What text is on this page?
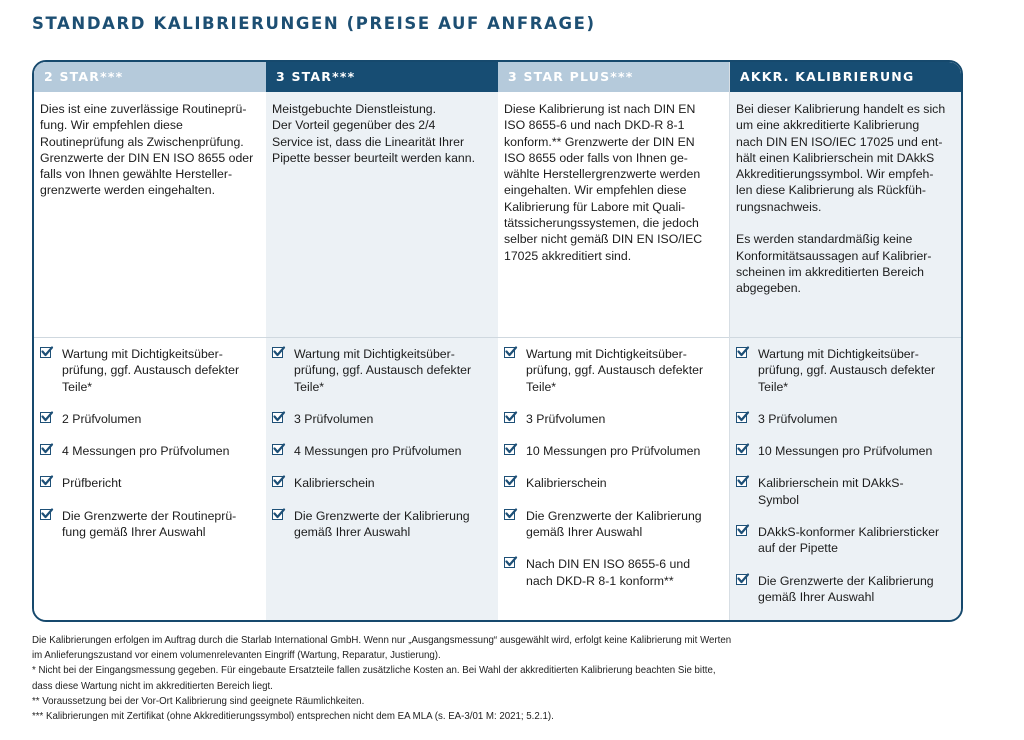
STANDARD KALIBRIERUNGEN (PREISE AUF ANFRAGE)
2 STAR***
Dies ist eine zuverlässige Routineprü-
fung. Wir empfehlen diese
Routineprüfung als Zwischenprüfung.
Grenzwerte der DIN EN ISO 8655 oder
falls von Ihnen gewählte Hersteller-
grenzwerte werden eingehalten.
Wartung mit Dichtigkeitsüber-
prüfung, ggf. Austausch defekter
Teile*
2 Prüfvolumen
4 Messungen pro Prüfvolumen
Prüfbericht
Die Grenzwerte der Routineprü-
fung gemäß Ihrer Auswahl
3 STAR***
Meistgebuchte Dienstleistung.
Der Vorteil gegenüber des 2/4
Service ist, dass die Linearität Ihrer
Pipette besser beurteilt werden kann.
Wartung mit Dichtigkeitsüber-
prüfung, ggf. Austausch defekter
Teile*
3 Prüfvolumen
4 Messungen pro Prüfvolumen
Kalibrierschein
Die Grenzwerte der Kalibrierung
gemäß Ihrer Auswahl
3 STAR PLUS***
Diese Kalibrierung ist nach DIN EN
ISO 8655-6 und nach DKD-R 8-1
konform.** Grenzwerte der DIN EN
ISO 8655 oder falls von Ihnen ge-
wählte Herstellergrenzwerte werden
eingehalten. Wir empfehlen diese
Kalibrierung für Labore mit Quali-
tätssicherungssystemen, die jedoch
selber nicht gemäß DIN EN ISO/IEC
17025 akkreditiert sind.
Wartung mit Dichtigkeitsüber-
prüfung, ggf. Austausch defekter
Teile*
3 Prüfvolumen
10 Messungen pro Prüfvolumen
Kalibrierschein
Die Grenzwerte der Kalibrierung
gemäß Ihrer Auswahl
Nach DIN EN ISO 8655-6 und
nach DKD-R 8-1 konform**
AKKR. KALIBRIERUNG
Bei dieser Kalibrierung handelt es sich
um eine akkreditierte Kalibrierung
nach DIN EN ISO/IEC 17025 und ent-
hält einen Kalibrierschein mit DAkkS
Akkreditierungssymbol. Wir empfeh-
len diese Kalibrierung als Rückfüh-
rungsnachweis.

Es werden standardmäßig keine
Konformitätsaussagen auf Kalibrier-
scheinen im akkreditierten Bereich
abgegeben.
Wartung mit Dichtigkeitsüber-
prüfung, ggf. Austausch defekter
Teile*
3 Prüfvolumen
10 Messungen pro Prüfvolumen
Kalibrierschein mit DAkkS-
Symbol
DAkkS-konformer Kalibriersticker
auf der Pipette
Die Grenzwerte der Kalibrierung
gemäß Ihrer Auswahl
Die Kalibrierungen erfolgen im Auftrag durch die Starlab International GmbH. Wenn nur „Ausgangsmessung“ ausgewählt wird, erfolgt keine Kalibrierung mit Werten
im Anlieferungszustand vor einem volumenrelevanten Eingriff (Wartung, Reparatur, Justierung).
* Nicht bei der Eingangsmessung gegeben. Für eingebaute Ersatzteile fallen zusätzliche Kosten an. Bei Wahl der akkreditierten Kalibrierung beachten Sie bitte,
dass diese Wartung nicht im akkreditierten Bereich liegt.
** Voraussetzung bei der Vor-Ort Kalibrierung sind geeignete Räumlichkeiten.
*** Kalibrierungen mit Zertifikat (ohne Akkreditierungssymbol) entsprechen nicht dem EA MLA (s. EA-3/01 M: 2021; 5.2.1).
